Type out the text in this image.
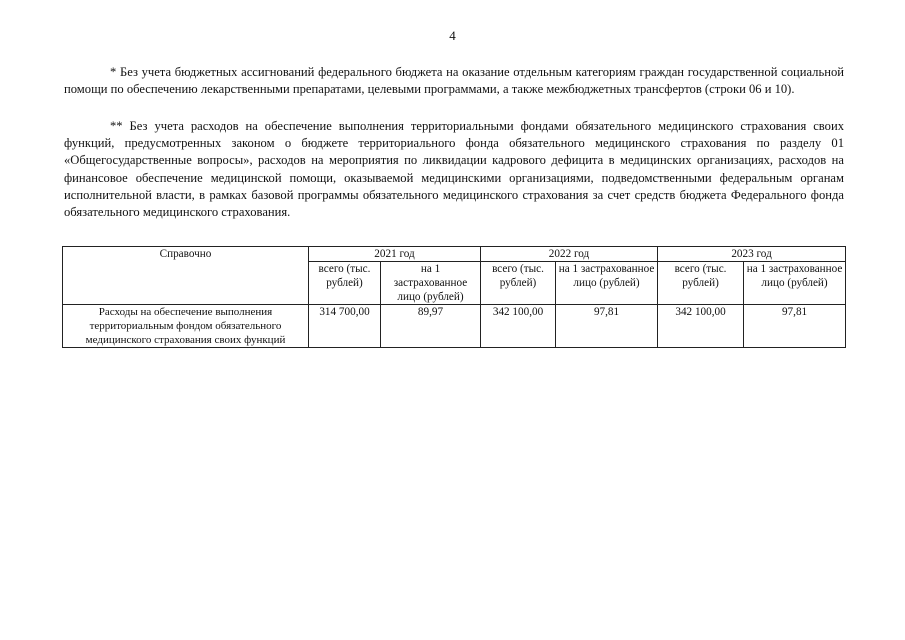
4

* Без учета бюджетных ассигнований федерального бюджета на оказание отдельным категориям граждан государственной социальной помощи по обеспечению лекарственными препаратами, целевыми программами, а также межбюджетных трансфертов (строки 06 и 10).

** Без учета расходов на обеспечение выполнения территориальными фондами обязательного медицинского страхования своих функций, предусмотренных законом о бюджете территориального фонда обязательного медицинского страхования по разделу 01 «Общегосударственные вопросы», расходов на мероприятия по ликвидации кадрового дефицита в медицинских организациях, расходов на финансовое обеспечение медицинской помощи, оказываемой медицинскими организациями, подведомственными федеральным органам исполнительной власти, в рамках базовой программы обязательного медицинского страхования за счет средств бюджета Федерального фонда обязательного медицинского страхования.

Справочно	2021 год		2022 год		2023 год	
	всего (тыс. рублей)	на 1 застрахованное лицо (рублей)	всего (тыс. рублей)	на 1 застрахованное лицо (рублей)	всего (тыс. рублей)	на 1 застрахованное лицо (рублей)
Расходы на обеспечение выполнения территориальным фондом обязательного медицинского страхования своих функций	314 700,00	89,97	342 100,00	97,81	342 100,00	97,81
